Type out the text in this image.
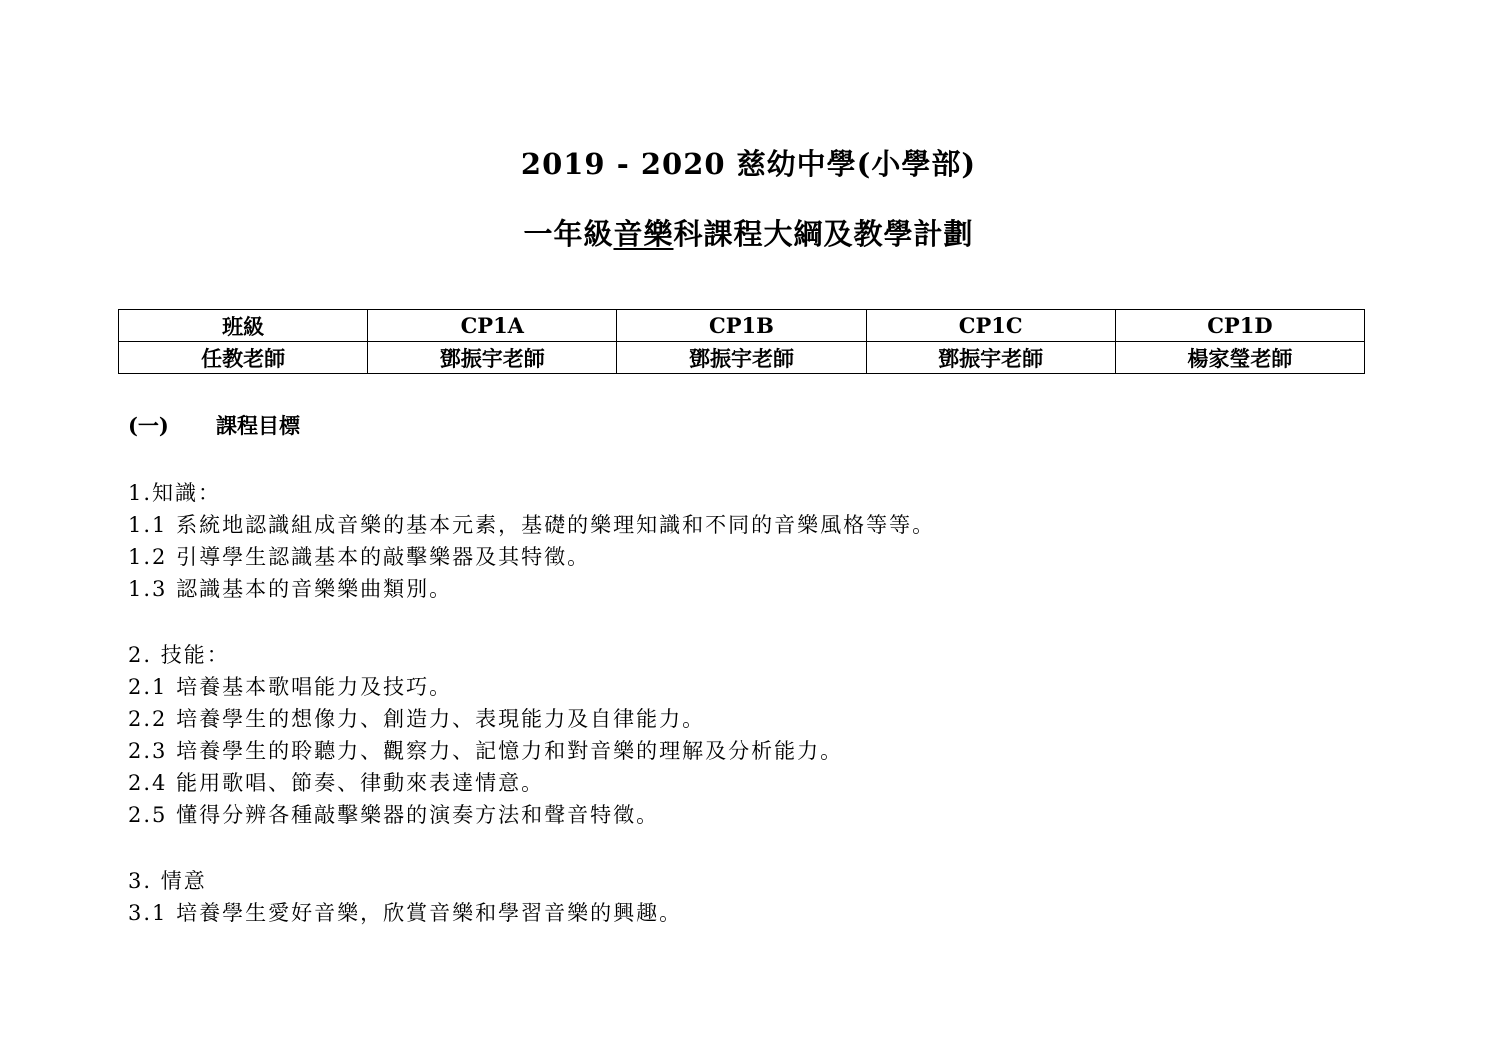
2019 - 2020 慈幼中學(小學部)
一年級音樂科課程大綱及教學計劃
班級	CP1A	CP1B	CP1C	CP1D
任教老師	鄧振宇老師	鄧振宇老師	鄧振宇老師	楊家瑩老師
(一) 課程目標
1.知識：
1.1 系統地認識組成音樂的基本元素，基礎的樂理知識和不同的音樂風格等等。
1.2 引導學生認識基本的敲擊樂器及其特徵。
1.3 認識基本的音樂樂曲類別。
2. 技能：
2.1 培養基本歌唱能力及技巧。
2.2 培養學生的想像力、創造力、表現能力及自律能力。
2.3 培養學生的聆聽力、觀察力、記憶力和對音樂的理解及分析能力。
2.4 能用歌唱、節奏、律動來表達情意。
2.5 懂得分辨各種敲擊樂器的演奏方法和聲音特徵。
3. 情意
3.1 培養學生愛好音樂，欣賞音樂和學習音樂的興趣。
